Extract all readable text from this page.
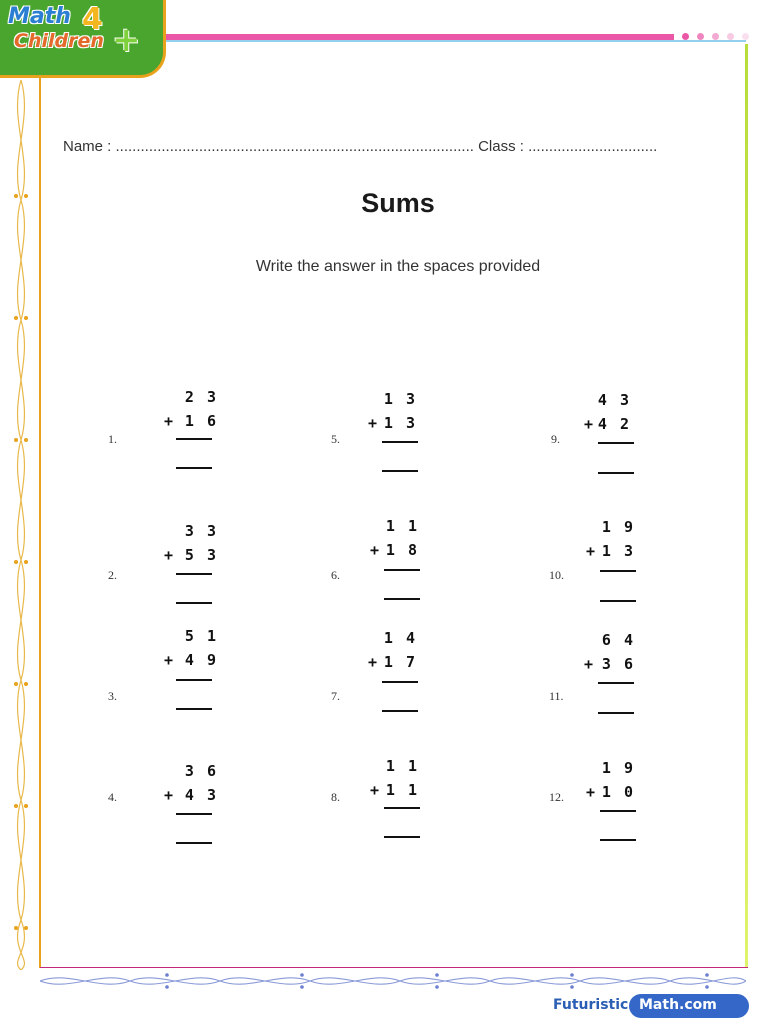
Math 4
+
Children
Futuristic Math.com
Name : ...................................................................................... Class : ...............................
Sums
Write the answer in the spaces provided
1.
2 3
+ 1 6
2.
3 3
+ 5 3
3.
5 1
+ 4 9
4.
3 6
+ 4 3
5.
1 3
+ 1 3
6.
1 1
+ 1 8
7.
1 4
+ 1 7
8.
1 1
+ 1 1
9.
4 3
+ 4 2
10.
1 9
+ 1 3
11.
6 4
+ 3 6
12.
1 9
+ 1 0
